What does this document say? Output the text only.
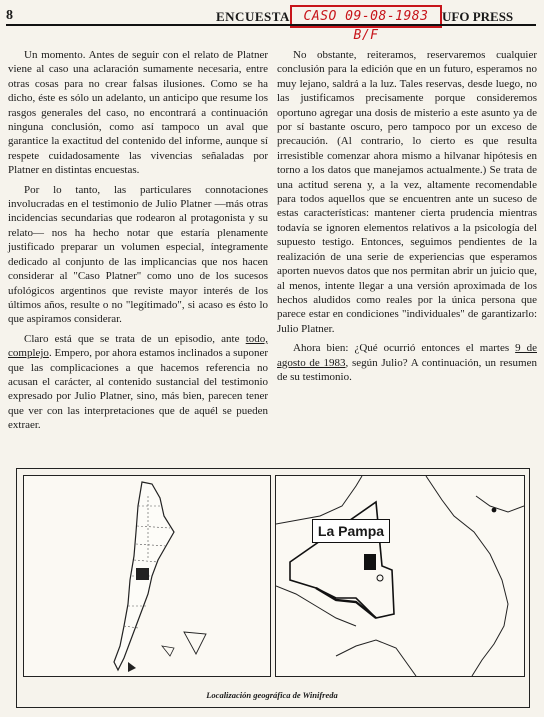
8	ENCUESTA	CASO 09-08-1983 B/F
UFO PRESS

Un momento. Antes de seguir con el relato de Platner viene al caso una aclaración sumamente necesaria, entre otras cosas para no crear falsas ilusiones. Como se ha dicho, éste es sólo un adelanto, un anticipo que resume los rasgos generales del caso, no encontrará a continuación ninguna conclusión, como así tampoco un aval que garantice la exactitud del contenido del informe, aunque sí respete cuidadosamente las vivencias señaladas por Platner en distintas encuestas.

Por lo tanto, las particulares connotaciones involucradas en el testimonio de Julio Platner —más otras incidencias secundarias que rodearon al protagonista y su relato— nos ha hecho notar que estaría plenamente justificado preparar un volumen especial, íntegramente dedicado al conjunto de las implicancias que nos hacen considerar al "Caso Platner" como uno de los sucesos ufológicos argentinos que reviste mayor interés de los últimos años, resulte o no "legítimado", si acaso es ésto lo que aspiramos considerar.

Claro está que se trata de un episodio, ante todo, complejo. Empero, por ahora estamos inclinados a suponer que las complicaciones a que hacemos referencia no acusan el carácter, al contenido sustancial del testimonio expresado por Julio Platner, sino, más bien, parecen tener que ver con las interpretaciones que de aquél se pueden extraer.

No obstante, reiteramos, reservaremos cualquier conclusión para la edición que en un futuro, esperamos no muy lejano, saldrá a la luz. Tales reservas, desde luego, no las justificamos precisamente porque consideremos oportuno agregar una dosis de misterio a este asunto ya de por sí bastante oscuro, pero tampoco por un exceso de precaución. (Al contrario, lo cierto es que resulta irresistible comenzar ahora mismo a hilvanar hipótesis en torno a los datos que manejamos actualmente.) Se trata de una actitud serena y, a la vez, altamente recomendable para todos aquellos que se encuentren ante un suceso de estas características: mantener cierta prudencia mientras todavía se ignoren elementos relativos a la psicología del supuesto testigo. Entonces, seguimos pendientes de la realización de una serie de experiencias que esperamos aporten nuevos datos que nos permitan abrir un juicio que, al menos, intente llegar a una versión aproximada de los hechos aludidos como reales por la única persona que parece estar en condiciones "individuales" de garantizarlo: Julio Platner.

Ahora bien: ¿Qué ocurrió entonces el martes 9 de agosto de 1983, según Julio? A continuación, un resumen de su testimonio.

La Pampa
Localización geográfica de Winifreda
